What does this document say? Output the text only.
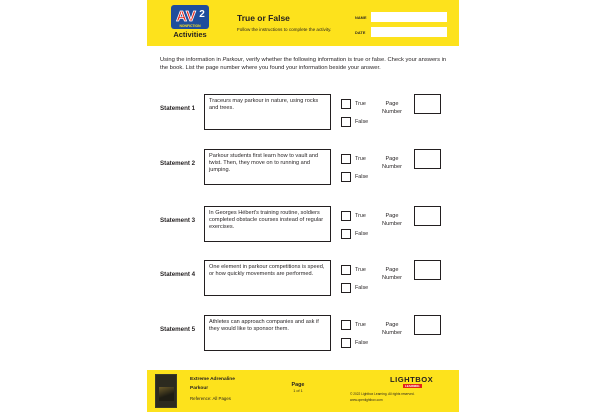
AV 2
NONFICTION
Activities
True or False
Follow the instructions to complete the activity.
NAME
DATE
Using the information in Parkour, verify whether the following information is true or false. Check your answers in the book. List the page number where you found your information beside your answer.
Statement 1
Traceurs may parkour in nature, using rocks and trees.
True
False
Page Number
Statement 2
Parkour students first learn how to vault and twist. Then, they move on to running and jumping.
True
False
Page Number
Statement 3
In Georges Hébert's training routine, soldiers completed obstacle courses instead of regular exercises.
True
False
Page Number
Statement 4
One element in parkour competitions is speed, or how quickly movements are performed.
True
False
Page Number
Statement 5
Athletes can approach companies and ask if they would like to sponsor them.
True
False
Page Number
Extreme Adrenaline
Parkour
Reference: All Pages
Page
1 of 1
LIGHTBOX
LEARNING
© 2022 Lightbox Learning. All rights reserved.
www.openlightbox.com
